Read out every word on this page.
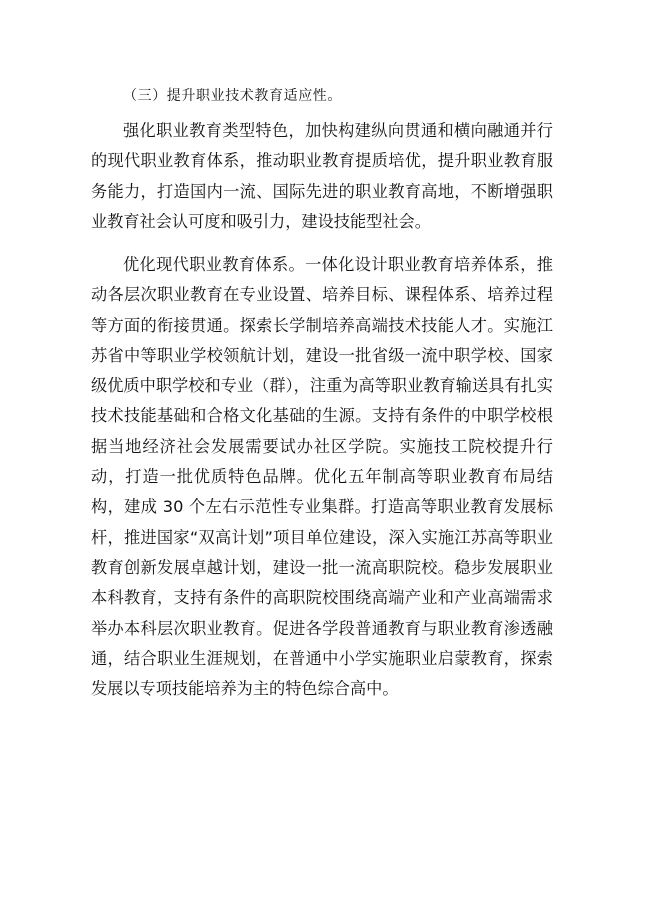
（三）提升职业技术教育适应性。

强化职业教育类型特色，加快构建纵向贯通和横向融通并行的现代职业教育体系，推动职业教育提质培优，提升职业教育服务能力，打造国内一流、国际先进的职业教育高地，不断增强职业教育社会认可度和吸引力，建设技能型社会。

优化现代职业教育体系。一体化设计职业教育培养体系，推动各层次职业教育在专业设置、培养目标、课程体系、培养过程等方面的衔接贯通。探索长学制培养高端技术技能人才。实施江苏省中等职业学校领航计划，建设一批省级一流中职学校、国家级优质中职学校和专业（群），注重为高等职业教育输送具有扎实技术技能基础和合格文化基础的生源。支持有条件的中职学校根据当地经济社会发展需要试办社区学院。实施技工院校提升行动，打造一批优质特色品牌。优化五年制高等职业教育布局结构，建成 30 个左右示范性专业集群。打造高等职业教育发展标杆，推进国家“双高计划”项目单位建设，深入实施江苏高等职业教育创新发展卓越计划，建设一批一流高职院校。稳步发展职业本科教育，支持有条件的高职院校围绕高端产业和产业高端需求举办本科层次职业教育。促进各学段普通教育与职业教育渗透融通，结合职业生涯规划，在普通中小学实施职业启蒙教育，探索发展以专项技能培养为主的特色综合高中。
